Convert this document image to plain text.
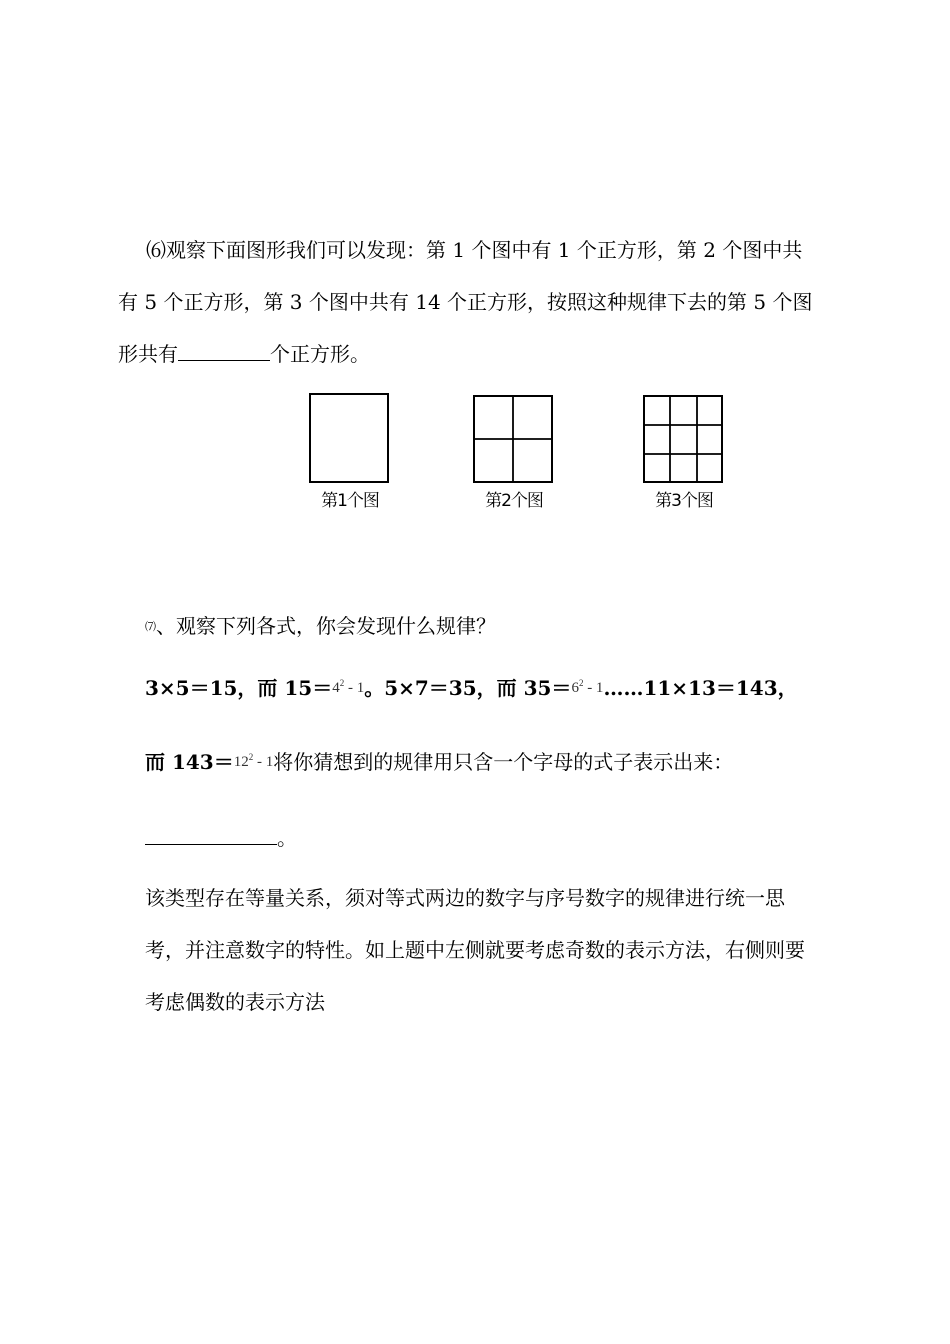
⑹观察下面图形我们可以发现：第 1 个图中有 1 个正方形，第 2 个图中共有 5 个正方形，第 3 个图中共有 14 个正方形，按照这种规律下去的第 5 个图形共有	个正方形。
第1个图	第2个图	第3个图
⑺、观察下列各式，你会发现什么规律？
3×5＝15，而 $15=4^2 - 1$。5×7＝35，而 $35=6^2$ - 1……11×13＝143，
而 $143=12^2 - 1$将你猜想到的规律用只含一个字母的式子表示出来：
。
该类型存在等量关系，须对等式两边的数字与序号数字的规律进行统一思考，并注意数字的特性。如上题中左侧就要考虑奇数的表示方法，右侧则要考虑偶数的表示方法
